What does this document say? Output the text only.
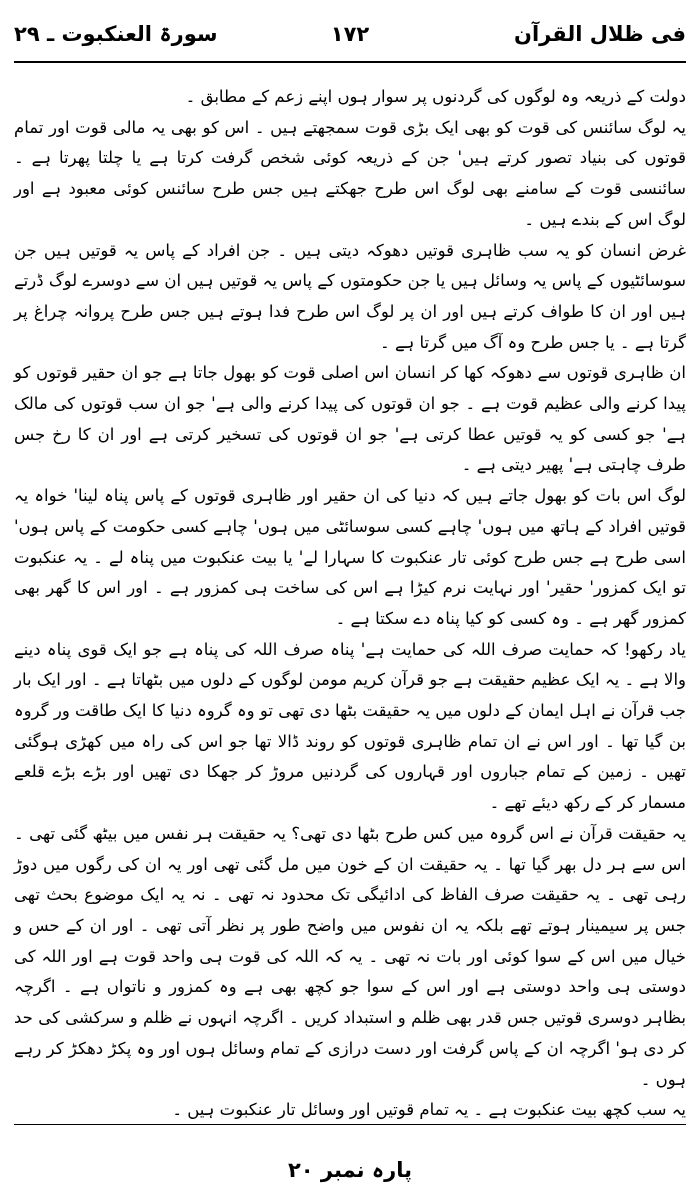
فی ظلال القرآن
۱۷۲
سورۃ العنکبوت ـ ۲۹

دولت کے ذریعہ وہ لوگوں کی گردنوں پر سوار ہوں اپنے زعم کے مطابق ۔

یہ لوگ سائنس کی قوت کو بھی ایک بڑی قوت سمجھتے ہیں ۔ اس کو بھی یہ مالی قوت اور تمام قوتوں کی بنیاد تصور کرتے ہیں' جن کے ذریعہ کوئی شخص گرفت کرتا ہے یا چلتا پھرتا ہے ۔ سائنسی قوت کے سامنے بھی لوگ اس طرح جھکتے ہیں جس طرح سائنس کوئی معبود ہے اور لوگ اس کے بندے ہیں ۔

غرض انسان کو یہ سب ظاہری قوتیں دھوکہ دیتی ہیں ۔ جن افراد کے پاس یہ قوتیں ہیں جن سوسائٹیوں کے پاس یہ وسائل ہیں یا جن حکومتوں کے پاس یہ قوتیں ہیں ان سے دوسرے لوگ ڈرتے ہیں اور ان کا طواف کرتے ہیں اور ان پر لوگ اس طرح فدا ہوتے ہیں جس طرح پروانہ چراغ پر گرتا ہے ۔ یا جس طرح وہ آگ میں گرتا ہے ۔

ان ظاہری قوتوں سے دھوکہ کھا کر انسان اس اصلی قوت کو بھول جاتا ہے جو ان حقیر قوتوں کو پیدا کرنے والی عظیم قوت ہے ۔ جو ان قوتوں کی پیدا کرنے والی ہے' جو ان سب قوتوں کی مالک ہے' جو کسی کو یہ قوتیں عطا کرتی ہے' جو ان قوتوں کی تسخیر کرتی ہے اور ان کا رخ جس طرف چاہتی ہے' پھیر دیتی ہے ۔

لوگ اس بات کو بھول جاتے ہیں کہ دنیا کی ان حقیر اور ظاہری قوتوں کے پاس پناہ لینا' خواہ یہ قوتیں افراد کے ہاتھ میں ہوں' چاہے کسی سوسائٹی میں ہوں' چاہے کسی حکومت کے پاس ہوں' اسی طرح ہے جس طرح کوئی تار عنکبوت کا سہارا لے' یا بیت عنکبوت میں پناہ لے ۔ یہ عنکبوت تو ایک کمزور' حقیر' اور نہایت نرم کیڑا ہے اس کی ساخت ہی کمزور ہے ۔ اور اس کا گھر بھی کمزور گھر ہے ۔ وہ کسی کو کیا پناہ دے سکتا ہے ۔

یاد رکھو! کہ حمایت صرف اللہ کی حمایت ہے' پناہ صرف اللہ کی پناہ ہے جو ایک قوی پناہ دینے والا ہے ۔ یہ ایک عظیم حقیقت ہے جو قرآن کریم مومن لوگوں کے دلوں میں بٹھاتا ہے ۔ اور ایک بار جب قرآن نے اہل ایمان کے دلوں میں یہ حقیقت بٹھا دی تھی تو وہ گروہ دنیا کا ایک طاقت ور گروہ بن گیا تھا ۔ اور اس نے ان تمام ظاہری قوتوں کو روند ڈالا تھا جو اس کی راہ میں کھڑی ہوگئی تھیں ۔ زمین کے تمام جباروں اور قہاروں کی گردنیں مروڑ کر جھکا دی تھیں اور بڑے بڑے قلعے مسمار کر کے رکھ دیئے تھے ۔

یہ حقیقت قرآن نے اس گروہ میں کس طرح بٹھا دی تھی؟ یہ حقیقت ہر نفس میں بیٹھ گئی تھی ۔ اس سے ہر دل بھر گیا تھا ۔ یہ حقیقت ان کے خون میں مل گئی تھی اور یہ ان کی رگوں میں دوڑ رہی تھی ۔ یہ حقیقت صرف الفاظ کی ادائیگی تک محدود نہ تھی ۔ نہ یہ ایک موضوع بحث تھی جس پر سیمینار ہوتے تھے بلکہ یہ ان نفوس میں واضح طور پر نظر آتی تھی ۔ اور ان کے حس و خیال میں اس کے سوا کوئی اور بات نہ تھی ۔ یہ کہ اللہ کی قوت ہی واحد قوت ہے اور اللہ کی دوستی ہی واحد دوستی ہے اور اس کے سوا جو کچھ بھی ہے وہ کمزور و ناتواں ہے ۔ اگرچہ بظاہر دوسری قوتیں جس قدر بھی ظلم و استبداد کریں ۔ اگرچہ انہوں نے ظلم و سرکشی کی حد کر دی ہو' اگرچہ ان کے پاس گرفت اور دست درازی کے تمام وسائل ہوں اور وہ پکڑ دھکڑ کر رہے ہوں ۔

یہ سب کچھ بیت عنکبوت ہے ۔ یہ تمام قوتیں اور وسائل تار عنکبوت ہیں ۔

پارہ نمبر ۲۰
